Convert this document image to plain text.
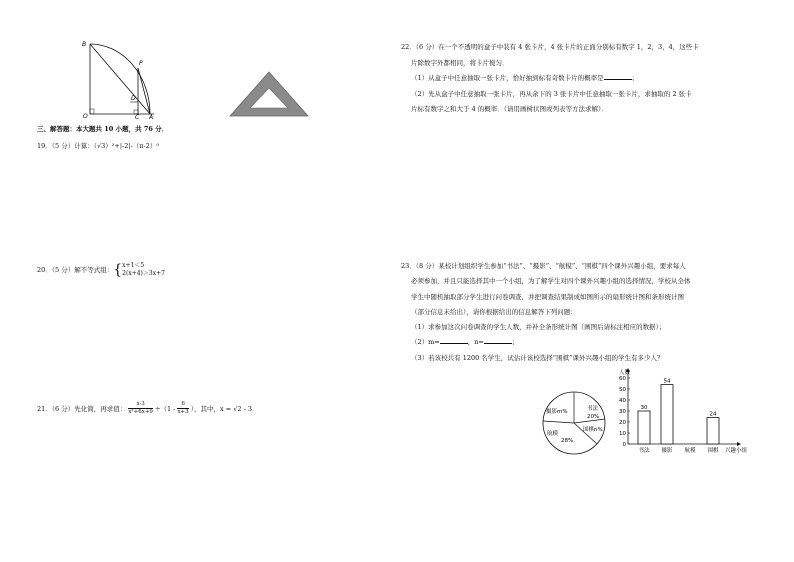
B
P
D
O	C A
三、解答题：本大题共 10 小题，共 76 分．
19．（5 分）计算：（√3）²+|-2|-（π-2）⁰
20．（5 分）解不等式组：{ x+1＜5
2(x+4)＞3x+7
21．（6 分）先化简，再求值： $\frac{x-3}{\text{x²+6x+9}} \div(1 - \frac{6}{x+3}$ ），其中，x = √2 - 3．
22．（6 分）在一个不透明的盒子中装有 4 张卡片，4 张卡片的正面分别标有数字 1，2，3，4，这些卡
片除数字外都相同，将卡片搅匀．
（1）从盒子中任意抽取一张卡片，恰好抽到标有奇数卡片的概率是	；
（2）先从盒子中任意抽取一张卡片，再从余下的 3 张卡片中任意抽取一张卡片，求抽取的 2 张卡
片标有数字之和大于 4 的概率．（请用画树状图或列表等方法求解）．
23．（8 分）某校计划组织学生参加“书法”、“摄影”、“航模”、“围棋”四个课外兴趣小组，要求每人
必须参加，并且只能选择其中一个小组，为了解学生对四个课外兴趣小组的选择情况，学校从全体
学生中随机抽取部分学生进行问卷调查，并把调查结果制成如图所示的扇形统计图和条形统计图
（部分信息未给出），请你根据给出的信息解答下列问题：
（1）求参加这次问卷调查的学生人数，并补全条形统计图（画图后请标注相应的数据）；
（2）m=	，n=	；
（3）若该校共有 1200 名学生，试估计该校选择“围棋”课外兴趣小组的学生有多少人？
摄影m%	书法
20%
围棋n%
航模
28%
0
10
20
30
40
50
60
人数
兴趣小组
30
书法
54
摄影 航模
24
围棋
